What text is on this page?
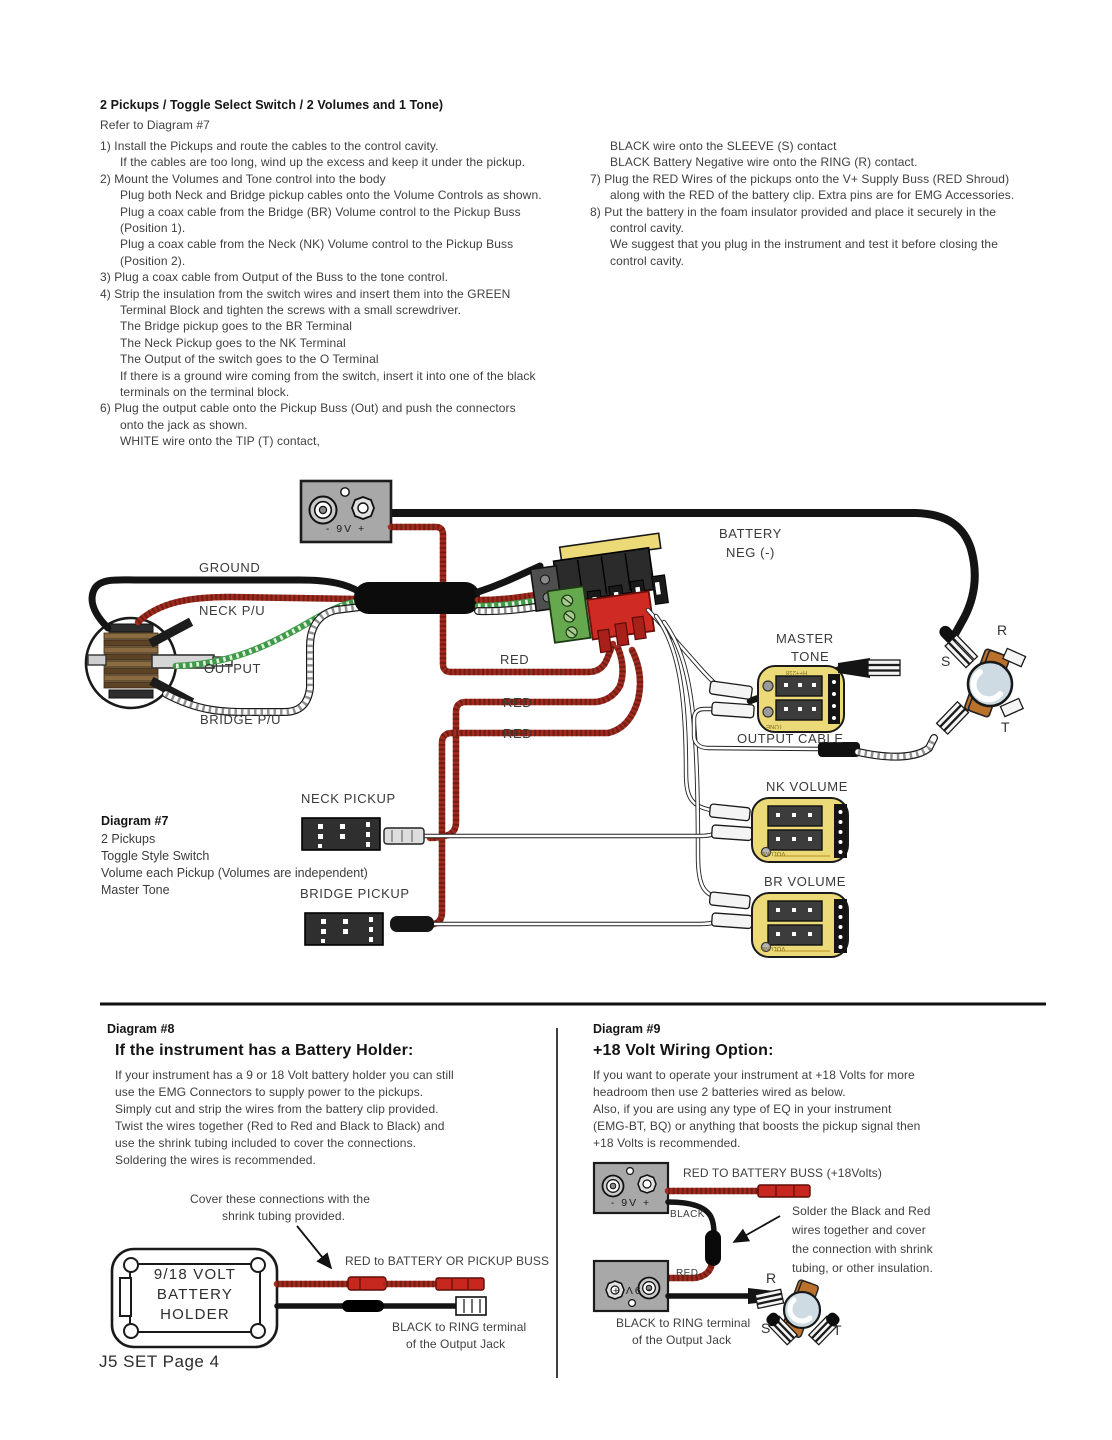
2 Pickups / Toggle Select Switch / 2 Volumes and 1 Tone)
Refer to Diagram #7
1) Install the Pickups and route the cables to the control cavity.
If the cables are too long, wind up the excess and keep it under the pickup.
2) Mount the Volumes and Tone control into the body
Plug both Neck and Bridge pickup cables onto the Volume Controls as shown.
Plug a coax cable from the Bridge (BR) Volume control to the Pickup Buss
(Position 1).
Plug a coax cable from the Neck (NK) Volume control to the Pickup Buss
(Position 2).
3) Plug a coax cable from Output of the Buss to the tone control.
4) Strip the insulation from the switch wires and insert them into the GREEN
Terminal Block and tighten the screws with a small screwdriver.
The Bridge pickup goes to the BR Terminal
The Neck Pickup goes to the NK Terminal
The Output of the switch goes to the O Terminal
If there is a ground wire coming from the switch, insert it into one of the black
terminals on the terminal block.
6) Plug the output cable onto the Pickup Buss (Out) and push the connectors
onto the jack as shown.
WHITE wire onto the TIP (T) contact,
BLACK wire onto the SLEEVE (S) contact
BLACK Battery Negative wire onto the RING (R) contact.
7) Plug the RED Wires of the pickups onto the V+ Supply Buss (RED Shroud)
along with the RED of the battery clip. Extra pins are for EMG Accessories.
8) Put the battery in the foam insulator provided and place it securely in the
control cavity.
We suggest that you plug in the instrument and test it before closing the
control cavity.
- 9V +
GROUND
NECK P/U
OUTPUT
BRIDGE P/U
BATTERY
NEG (-)
MASTER
TONE
OUTPUT CABLE
RED
RED
RED
NECK PICKUP
BRIDGE PICKUP
NK VOLUME
BR VOLUME
R
S
T
H++218
TONE
VOLUME
VOLUME
Diagram #7
2 Pickups
Toggle Style Switch
Volume each Pickup (Volumes are independent)
Master Tone
Diagram #8
If the instrument has a Battery Holder:
If your instrument has a 9 or 18 Volt battery holder you can still
use the EMG Connectors to supply power to the pickups.
Simply cut and strip the wires from the battery clip provided.
Twist the wires together (Red to Red and Black to Black) and
use the shrink tubing included to cover the connections.
Soldering the wires is recommended.
Cover these connections with the
shrink tubing provided.
9/18 VOLT
BATTERY
HOLDER
RED to BATTERY OR PICKUP BUSS
BLACK to RING terminal
of the Output Jack
Diagram #9
+18 Volt Wiring Option:
If you want to operate your instrument at +18 Volts for more
headroom then use 2 batteries wired as below.
Also, if you are using any type of EQ in your instrument
(EMG-BT, BQ) or anything that boosts the pickup signal then
+18 Volts is recommended.
RED TO BATTERY BUSS (+18Volts)
- 9V +
BLACK	Solder the Black and Red
wires together and cover
the connection with shrink
tubing, or other insulation.
RED
- 9V +
BLACK to RING terminal
of the Output Jack
R
S	T
J5 SET Page 4
